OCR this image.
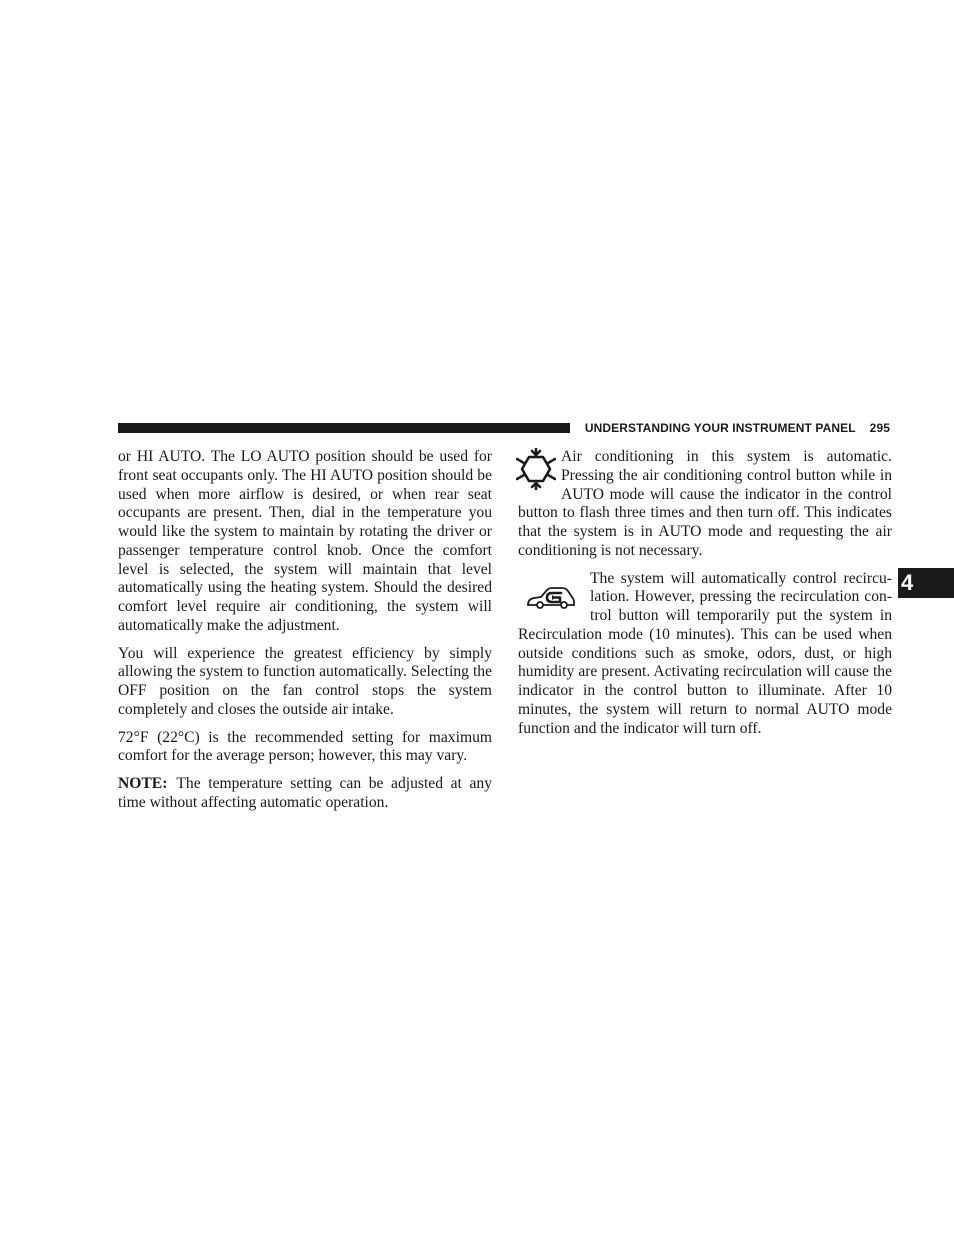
UNDERSTANDING YOUR INSTRUMENT PANEL 295
4

or HI AUTO. The LO AUTO position should be used for front seat occupants only. The HI AUTO position should be used when more airflow is desired, or when rear seat occupants are present. Then, dial in the temperature you would like the system to maintain by rotating the driver or passenger temperature control knob. Once the comfort level is selected, the system will maintain that level automatically using the heating system. Should the desired comfort level require air conditioning, the system will automatically make the adjustment.

You will experience the greatest efficiency by simply allowing the system to function automatically. Selecting the OFF position on the fan control stops the system completely and closes the outside air intake.

72°F (22°C) is the recommended setting for maximum comfort for the average person; however, this may vary.

NOTE: The temperature setting can be adjusted at any time without affecting automatic operation.

Air conditioning in this system is automatic. Pressing the air conditioning control button while in AUTO mode will cause the indicator in the control button to flash three times and then turn off. This indicates that the system is in AUTO mode and requesting the air conditioning is not necessary.

The system will automatically control recirculation. However, pressing the recirculation control button will temporarily put the system in Recirculation mode (10 minutes). This can be used when outside conditions such as smoke, odors, dust, or high humidity are present. Activating recirculation will cause the indicator in the control button to illuminate. After 10 minutes, the system will return to normal AUTO mode function and the indicator will turn off.
